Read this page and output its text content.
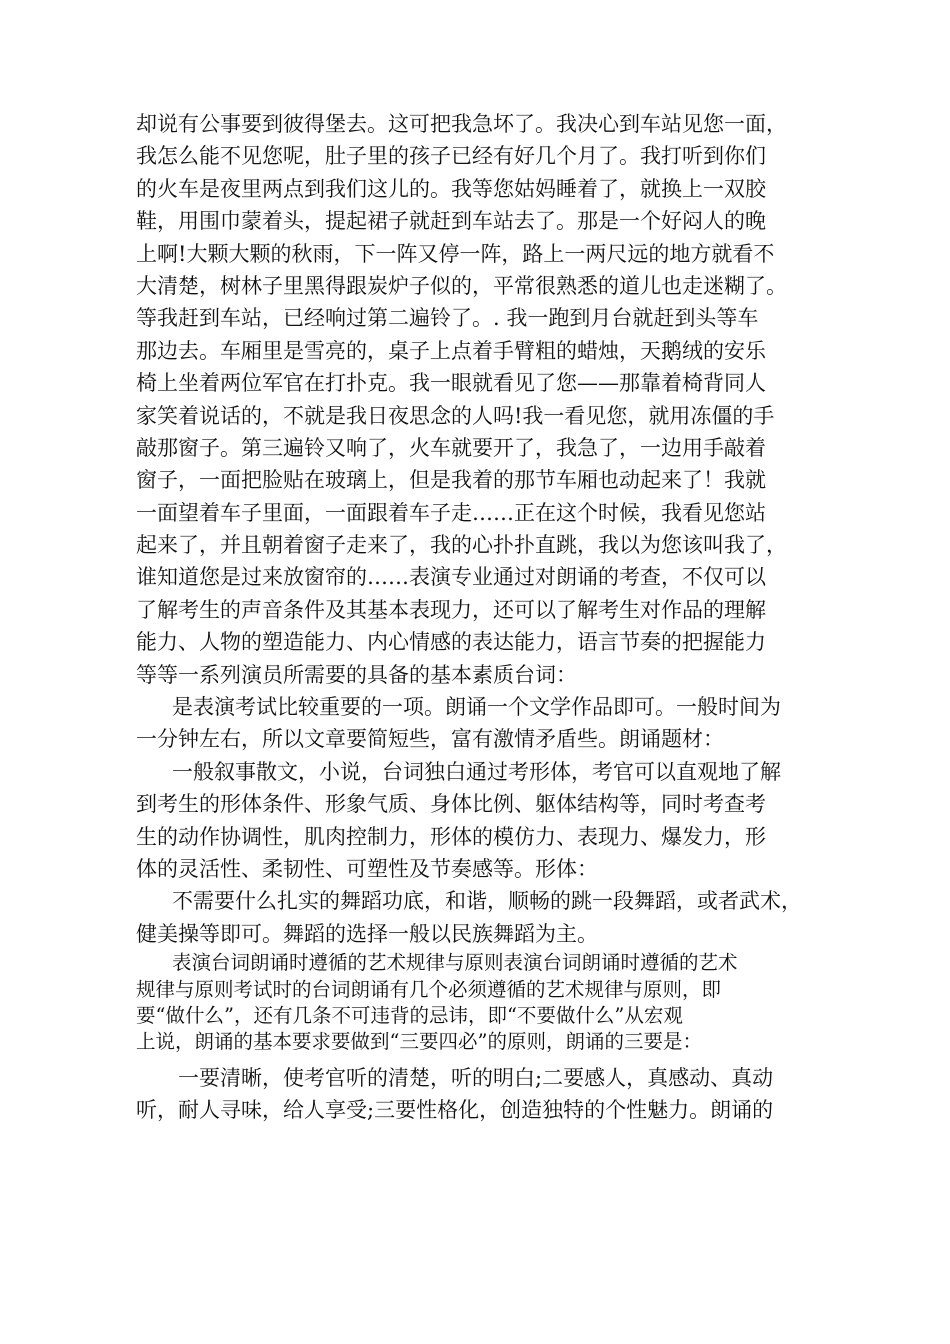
却说有公事要到彼得堡去。这可把我急坏了。我决心到车站见您一面，
我怎么能不见您呢，肚子里的孩子已经有好几个月了。我打听到你们
的火车是夜里两点到我们这儿的。我等您姑妈睡着了，就换上一双胶
鞋，用围巾蒙着头，提起裙子就赶到车站去了。那是一个好闷人的晚
上啊!大颗大颗的秋雨，下一阵又停一阵，路上一两尺远的地方就看不
大清楚，树林子里黑得跟炭炉子似的，平常很熟悉的道儿也走迷糊了。
等我赶到车站，已经响过第二遍铃了。. 我一跑到月台就赶到头等车
那边去。车厢里是雪亮的，桌子上点着手臂粗的蜡烛，天鹅绒的安乐
椅上坐着两位军官在打扑克。我一眼就看见了您——那靠着椅背同人
家笑着说话的，不就是我日夜思念的人吗!我一看见您，就用冻僵的手
敲那窗子。第三遍铃又响了，火车就要开了，我急了，一边用手敲着
窗子，一面把脸贴在玻璃上，但是我着的那节车厢也动起来了！我就
一面望着车子里面，一面跟着车子走……正在这个时候，我看见您站
起来了，并且朝着窗子走来了，我的心扑扑直跳，我以为您该叫我了，
谁知道您是过来放窗帘的……表演专业通过对朗诵的考查，不仅可以
了解考生的声音条件及其基本表现力，还可以了解考生对作品的理解
能力、人物的塑造能力、内心情感的表达能力，语言节奏的把握能力
等等一系列演员所需要的具备的基本素质台词：
是表演考试比较重要的一项。朗诵一个文学作品即可。一般时间为
一分钟左右，所以文章要简短些，富有激情矛盾些。朗诵题材：
一般叙事散文，小说，台词独白通过考形体，考官可以直观地了解
到考生的形体条件、形象气质、身体比例、躯体结构等，同时考查考
生的动作协调性，肌肉控制力，形体的模仿力、表现力、爆发力，形
体的灵活性、柔韧性、可塑性及节奏感等。形体：
不需要什么扎实的舞蹈功底，和谐，顺畅的跳一段舞蹈，或者武术，
健美操等即可。舞蹈的选择一般以民族舞蹈为主。
表演台词朗诵时遵循的艺术规律与原则表演台词朗诵时遵循的艺术
规律与原则考试时的台词朗诵有几个必须遵循的艺术规律与原则，即
要“做什么”，还有几条不可违背的忌讳，即“不要做什么”从宏观
上说，朗诵的基本要求要做到“三要四必”的原则，朗诵的三要是：
一要清晰，使考官听的清楚，听的明白;二要感人，真感动、真动
听，耐人寻味，给人享受;三要性格化，创造独特的个性魅力。朗诵的
